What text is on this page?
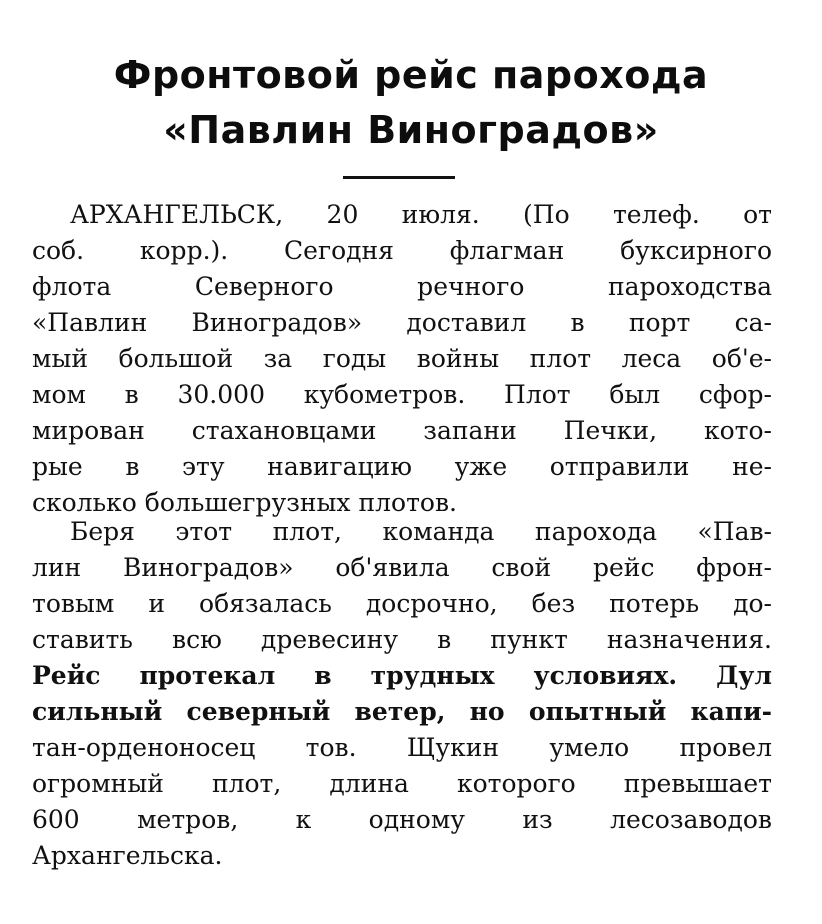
Фронтовой рейс парохода
«Павлин Виноградов»
АРХАНГЕЛЬСК, 20 июля. (По телеф. от
соб. корр.). Сегодня флагман буксирного
флота Северного речного пароходства
«Павлин Виноградов» доставил в порт са-
мый большой за годы войны плот леса об'е-
мом в 30.000 кубометров. Плот был сфор-
мирован стахановцами запани Печки, кото-
рые в эту навигацию уже отправили не-
сколько большегрузных плотов.
Беря этот плот, команда парохода «Пав-
лин Виноградов» об'явила свой рейс фрон-
товым и обязалась досрочно, без потерь до-
ставить всю древесину в пункт назначения.
Рейс протекал в трудных условиях. Дул
сильный северный ветер, но опытный капи-
тан-орденоносец тов. Щукин умело провел
огромный плот, длина которого превышает
600 метров, к одному из лесозаводов
Архангельска.
